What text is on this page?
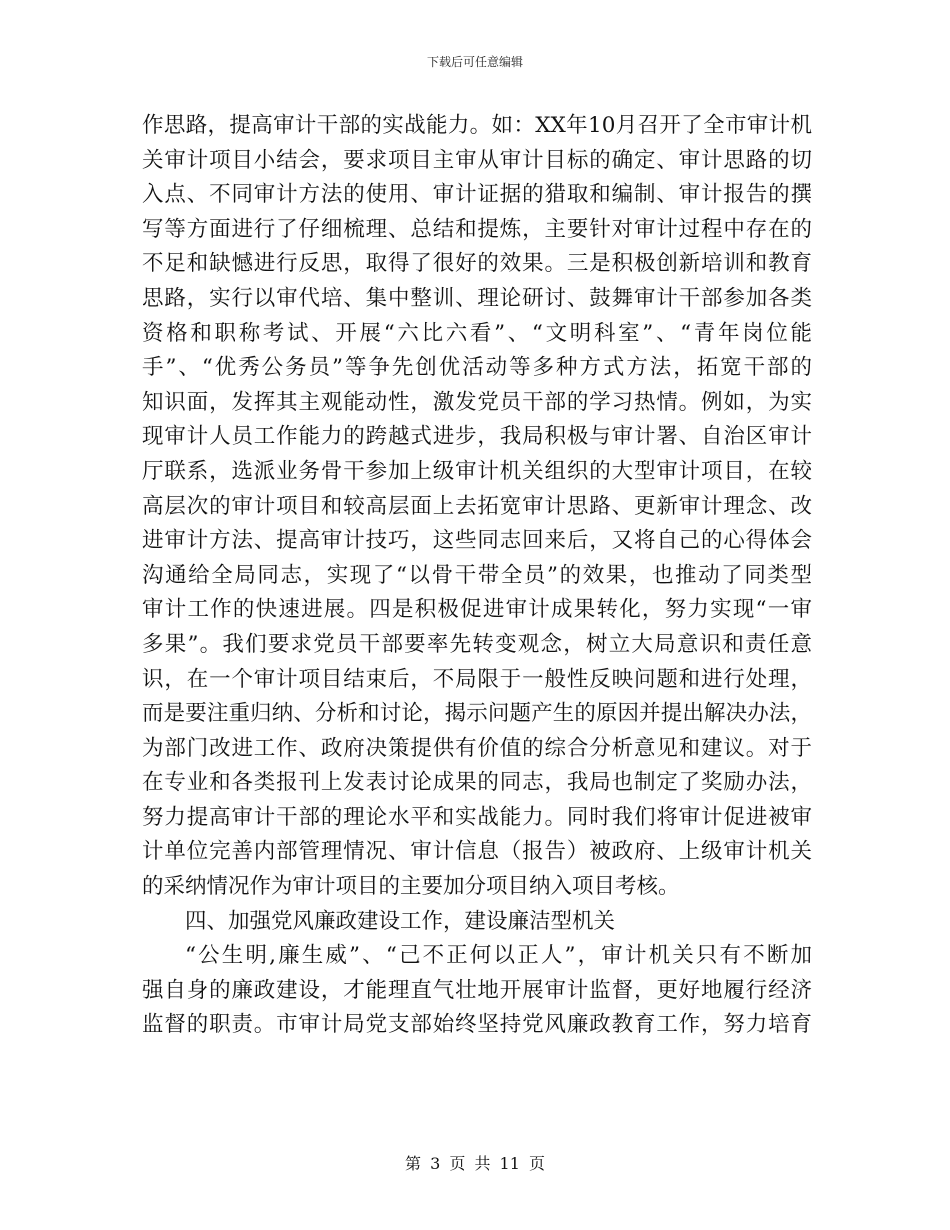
下载后可任意编辑
作思路，提高审计干部的实战能力。如：XX年10月召开了全市审计机
关审计项目小结会，要求项目主审从审计目标的确定、审计思路的切
入点、不同审计方法的使用、审计证据的猎取和编制、审计报告的撰
写等方面进行了仔细梳理、总结和提炼，主要针对审计过程中存在的
不足和缺憾进行反思，取得了很好的效果。三是积极创新培训和教育
思路，实行以审代培、集中整训、理论研讨、鼓舞审计干部参加各类
资格和职称考试、开展“六比六看”、“文明科室”、“青年岗位能
手”、“优秀公务员”等争先创优活动等多种方式方法，拓宽干部的
知识面，发挥其主观能动性，激发党员干部的学习热情。例如，为实
现审计人员工作能力的跨越式进步，我局积极与审计署、自治区审计
厅联系，选派业务骨干参加上级审计机关组织的大型审计项目，在较
高层次的审计项目和较高层面上去拓宽审计思路、更新审计理念、改
进审计方法、提高审计技巧，这些同志回来后，又将自己的心得体会
沟通给全局同志，实现了“以骨干带全员”的效果，也推动了同类型
审计工作的快速进展。四是积极促进审计成果转化，努力实现“一审
多果”。我们要求党员干部要率先转变观念，树立大局意识和责任意
识，在一个审计项目结束后，不局限于一般性反映问题和进行处理，
而是要注重归纳、分析和讨论，揭示问题产生的原因并提出解决办法，
为部门改进工作、政府决策提供有价值的综合分析意见和建议。对于
在专业和各类报刊上发表讨论成果的同志，我局也制定了奖励办法，
努力提高审计干部的理论水平和实战能力。同时我们将审计促进被审
计单位完善内部管理情况、审计信息（报告）被政府、上级审计机关
的采纳情况作为审计项目的主要加分项目纳入项目考核。
四、加强党风廉政建设工作，建设廉洁型机关
“公生明,廉生威”、“己不正何以正人”，审计机关只有不断加
强自身的廉政建设，才能理直气壮地开展审计监督，更好地履行经济
监督的职责。市审计局党支部始终坚持党风廉政教育工作，努力培育
第 3 页 共 11 页
